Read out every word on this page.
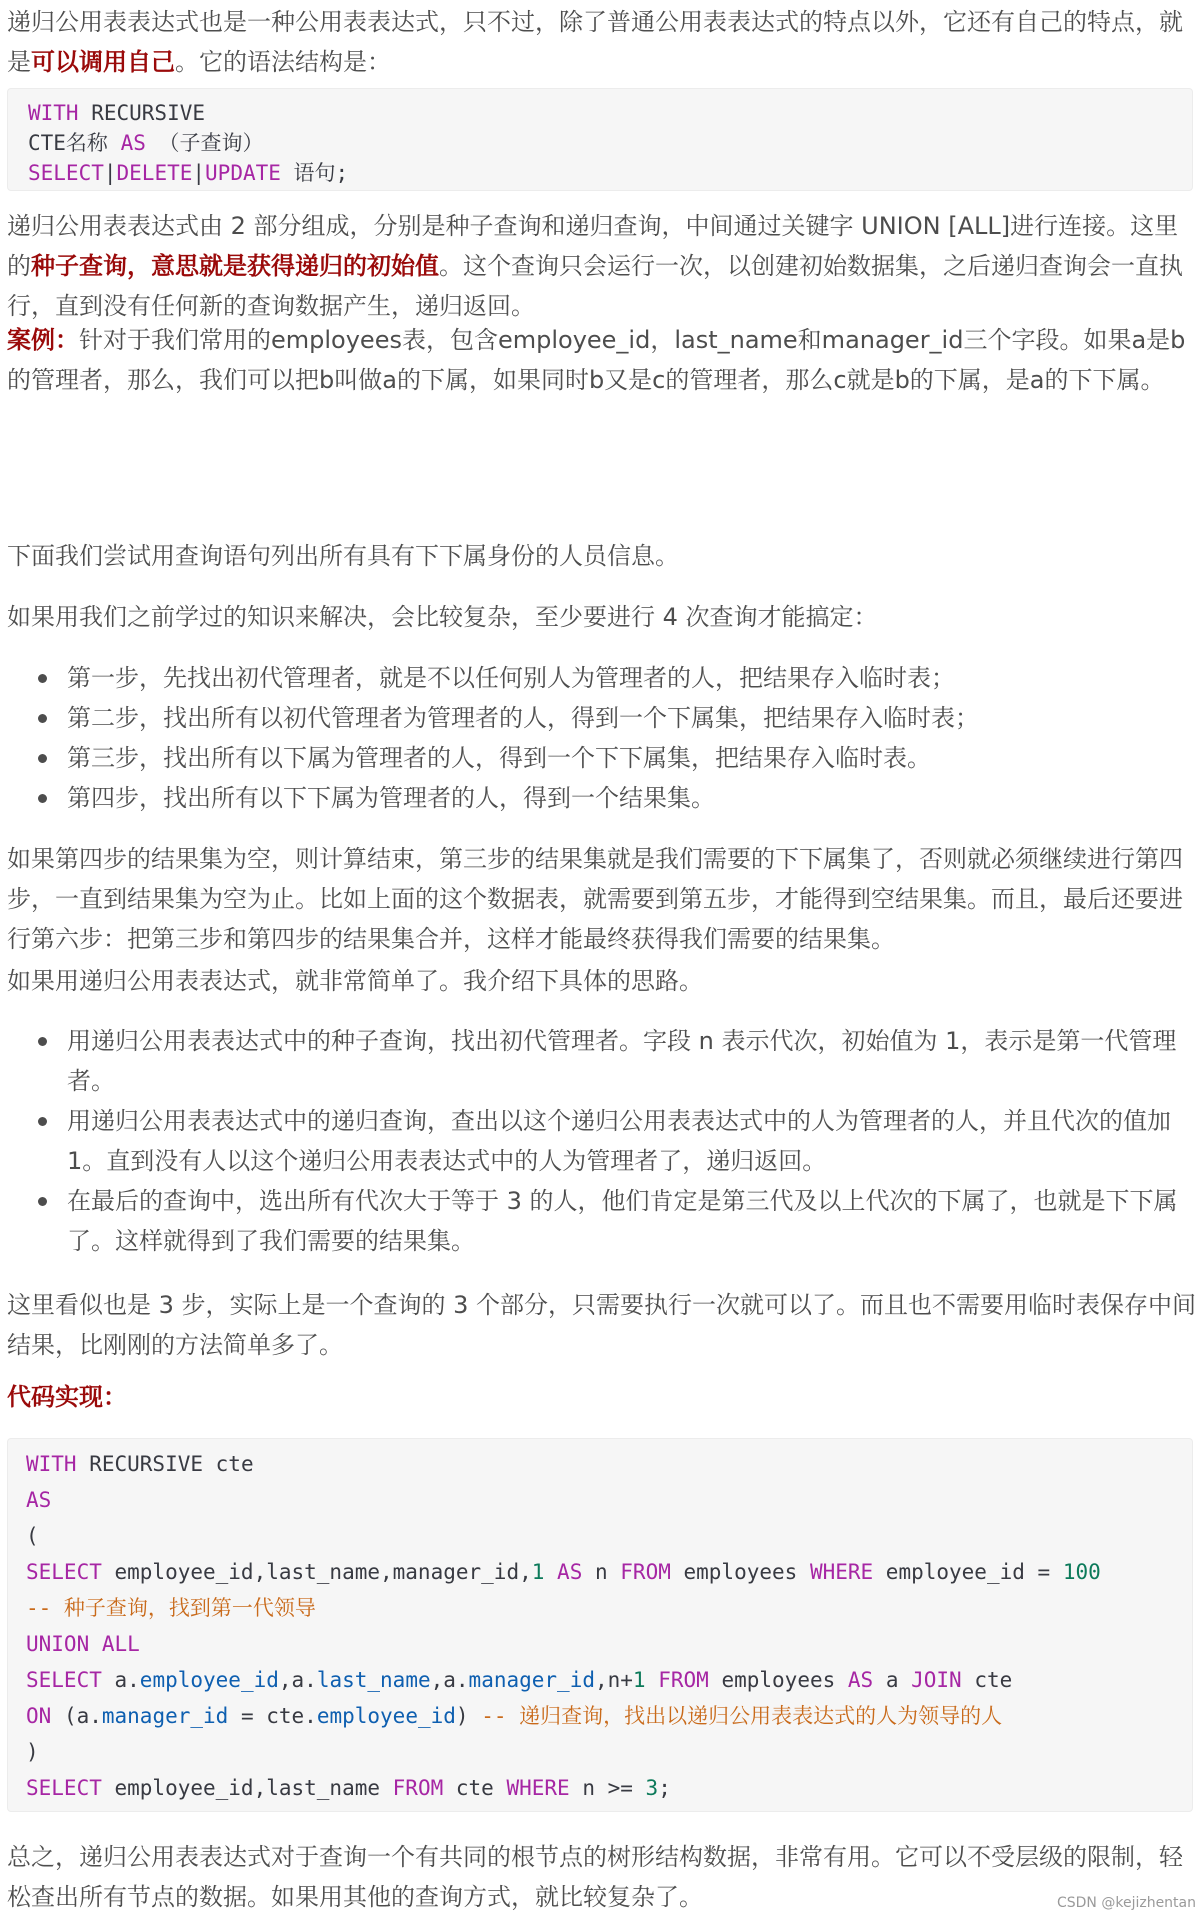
递归公用表表达式也是一种公用表表达式，只不过，除了普通公用表表达式的特点以外，它还有自己的特点，就是可以调用自己。它的语法结构是：

WITH RECURSIVE
CTE名称 AS （子查询）
SELECT|DELETE|UPDATE 语句;

递归公用表表达式由 2 部分组成，分别是种子查询和递归查询，中间通过关键字 UNION [ALL]进行连接。这里的种子查询，意思就是获得递归的初始值。这个查询只会运行一次，以创建初始数据集，之后递归查询会一直执行，直到没有任何新的查询数据产生，递归返回。

案例：针对于我们常用的employees表，包含employee_id，last_name和manager_id三个字段。如果a是b的管理者，那么，我们可以把b叫做a的下属，如果同时b又是c的管理者，那么c就是b的下属，是a的下下属。

下面我们尝试用查询语句列出所有具有下下属身份的人员信息。

如果用我们之前学过的知识来解决，会比较复杂，至少要进行 4 次查询才能搞定：

第一步，先找出初代管理者，就是不以任何别人为管理者的人，把结果存入临时表；
第二步，找出所有以初代管理者为管理者的人，得到一个下属集，把结果存入临时表；
第三步，找出所有以下属为管理者的人，得到一个下下属集，把结果存入临时表。
第四步，找出所有以下下属为管理者的人，得到一个结果集。

如果第四步的结果集为空，则计算结束，第三步的结果集就是我们需要的下下属集了，否则就必须继续进行第四步，一直到结果集为空为止。比如上面的这个数据表，就需要到第五步，才能得到空结果集。而且，最后还要进行第六步：把第三步和第四步的结果集合并，这样才能最终获得我们需要的结果集。

如果用递归公用表表达式，就非常简单了。我介绍下具体的思路。

用递归公用表表达式中的种子查询，找出初代管理者。字段 n 表示代次，初始值为 1，表示是第一代管理者。
用递归公用表表达式中的递归查询，查出以这个递归公用表表达式中的人为管理者的人，并且代次的值加 1。直到没有人以这个递归公用表表达式中的人为管理者了，递归返回。
在最后的查询中，选出所有代次大于等于 3 的人，他们肯定是第三代及以上代次的下属了，也就是下下属了。这样就得到了我们需要的结果集。

这里看似也是 3 步，实际上是一个查询的 3 个部分，只需要执行一次就可以了。而且也不需要用临时表保存中间结果，比刚刚的方法简单多了。

代码实现：

WITH RECURSIVE cte
AS
(
SELECT employee_id,last_name,manager_id,1 AS n FROM employees WHERE employee_id = 100
-- 种子查询，找到第一代领导
UNION ALL
SELECT a.employee_id,a.last_name,a.manager_id,n+1 FROM employees AS a JOIN cte
ON (a.manager_id = cte.employee_id) -- 递归查询，找出以递归公用表表达式的人为领导的人
)
SELECT employee_id,last_name FROM cte WHERE n >= 3;

总之，递归公用表表达式对于查询一个有共同的根节点的树形结构数据，非常有用。它可以不受层级的限制，轻松查出所有节点的数据。如果用其他的查询方式，就比较复杂了。	CSDN @kejizhentan
